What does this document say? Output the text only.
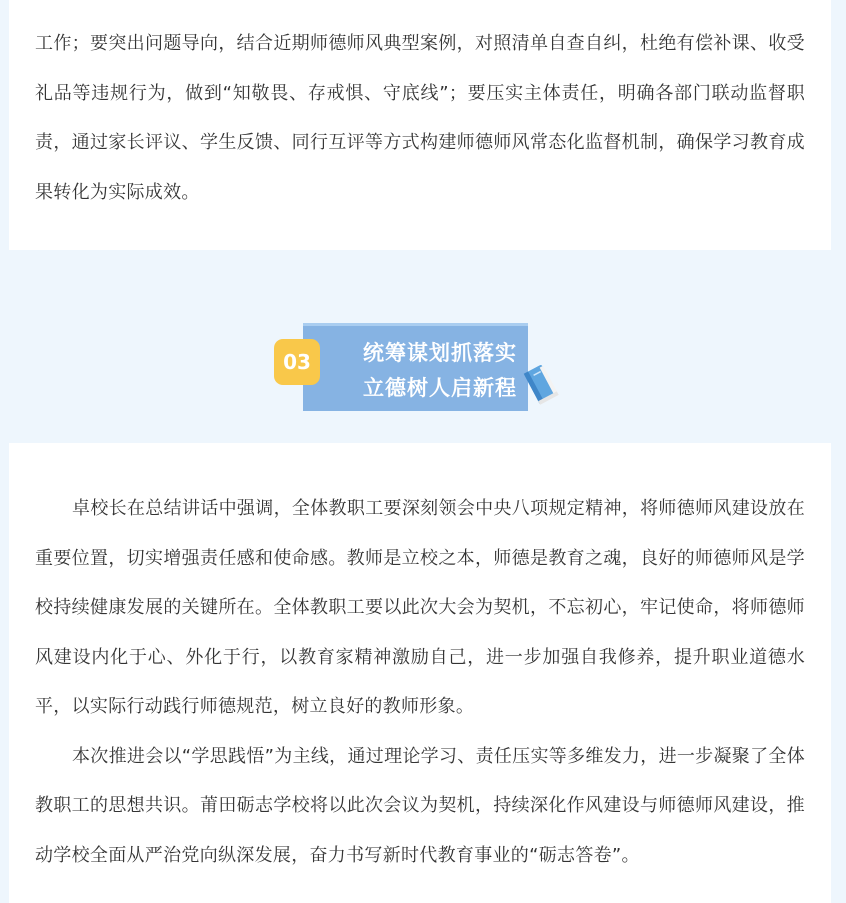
工作；要突出问题导向，结合近期师德师风典型案例，对照清单自查自纠，杜绝有偿补课、收受礼品等违规行为，做到“知敬畏、存戒惧、守底线”；要压实主体责任，明确各部门联动监督职责，通过家长评议、学生反馈、同行互评等方式构建师德师风常态化监督机制，确保学习教育成果转化为实际成效。

统筹谋划抓落实
立德树人启新程
03

卓校长在总结讲话中强调，全体教职工要深刻领会中央八项规定精神，将师德师风建设放在重要位置，切实增强责任感和使命感。教师是立校之本，师德是教育之魂，良好的师德师风是学校持续健康发展的关键所在。全体教职工要以此次大会为契机，不忘初心，牢记使命，将师德师风建设内化于心、外化于行，以教育家精神激励自己，进一步加强自我修养，提升职业道德水平，以实际行动践行师德规范，树立良好的教师形象。

本次推进会以“学思践悟”为主线，通过理论学习、责任压实等多维发力，进一步凝聚了全体教职工的思想共识。莆田砺志学校将以此次会议为契机，持续深化作风建设与师德师风建设，推动学校全面从严治党向纵深发展，奋力书写新时代教育事业的“砺志答卷”。
